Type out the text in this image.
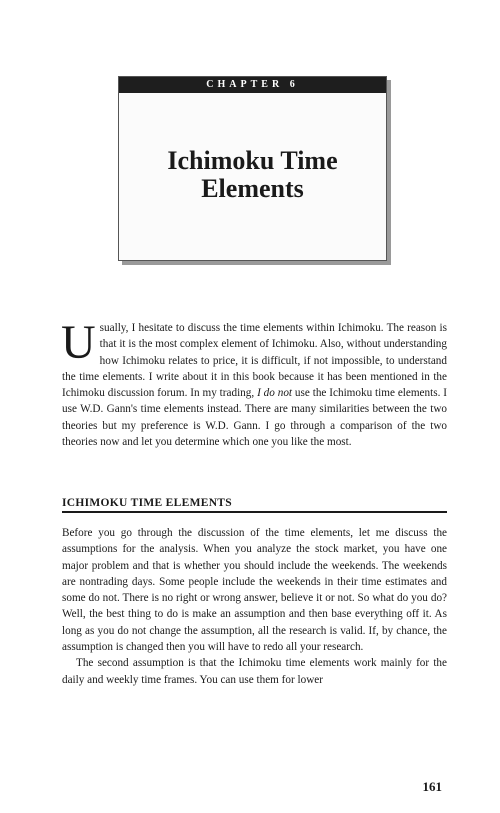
CHAPTER 6
Ichimoku Time
Elements
Usually, I hesitate to discuss the time elements within Ichimoku. The reason is that it is the most complex element of Ichimoku. Also, without understanding how Ichimoku relates to price, it is difficult, if not impossible, to understand the time elements. I write about it in this book because it has been mentioned in the Ichimoku discussion forum. In my trading, I do not use the Ichimoku time elements. I use W.D. Gann's time elements instead. There are many similarities between the two theories but my preference is W.D. Gann. I go through a comparison of the two theories now and let you determine which one you like the most.
ICHIMOKU TIME ELEMENTS

Before you go through the discussion of the time elements, let me discuss the assumptions for the analysis. When you analyze the stock market, you have one major problem and that is whether you should include the weekends. The weekends are nontrading days. Some people include the weekends in their time estimates and some do not. There is no right or wrong answer, believe it or not. So what do you do? Well, the best thing to do is make an assumption and then base everything off it. As long as you do not change the assumption, all the research is valid. If, by chance, the assumption is changed then you will have to redo all your research.

The second assumption is that the Ichimoku time elements work mainly for the daily and weekly time frames. You can use them for lower

161
